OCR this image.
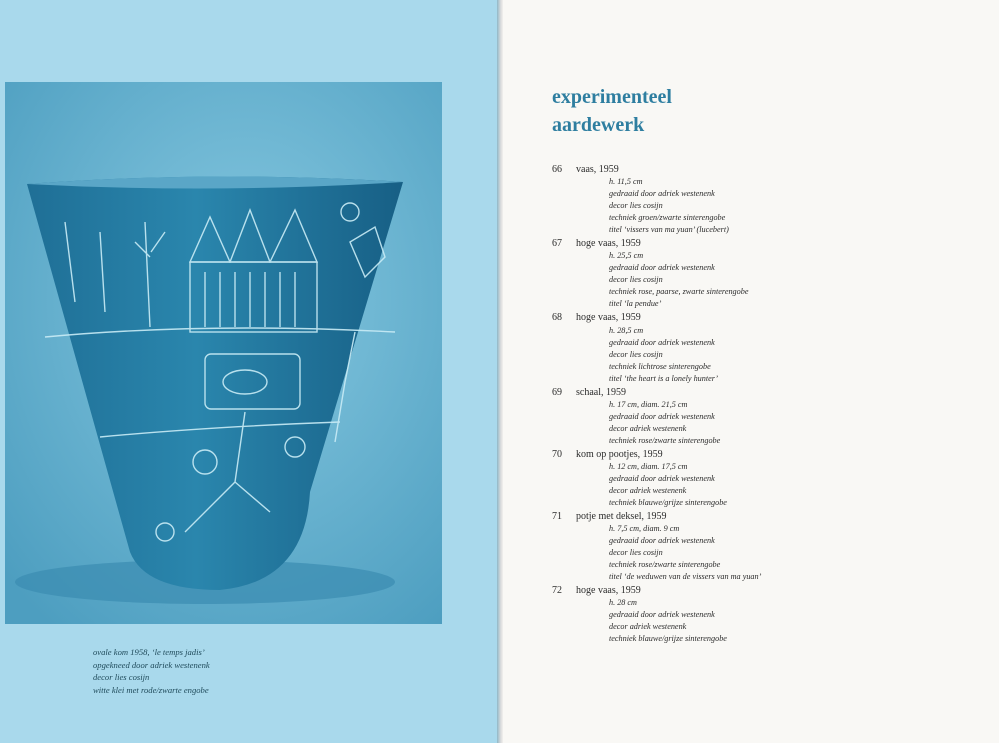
ovale kom 1958, ‘le temps jadis’
opgekneed door adriek westenenk
decor lies cosijn
witte klei met rode/zwarte engobe
experimenteel
aardewerk
66	vaas, 1959
h. 11,5 cm
gedraaid door adriek westenenk
decor lies cosijn
techniek groen/zwarte sinterengobe
titel ‘vissers van ma yuan’ (lucebert)
67	hoge vaas, 1959
h. 25,5 cm
gedraaid door adriek westenenk
decor lies cosijn
techniek rose, paarse, zwarte sinterengobe
titel ‘la pendue’
68	hoge vaas, 1959
h. 28,5 cm
gedraaid door adriek westenenk
decor lies cosijn
techniek lichtrose sinterengobe
titel ‘the heart is a lonely hunter’
69	schaal, 1959
h. 17 cm, diam. 21,5 cm
gedraaid door adriek westenenk
decor adriek westenenk
techniek rose/zwarte sinterengobe
70	kom op pootjes, 1959
h. 12 cm, diam. 17,5 cm
gedraaid door adriek westenenk
decor adriek westenenk
techniek blauwe/grijze sinterengobe
71	potje met deksel, 1959
h. 7,5 cm, diam. 9 cm
gedraaid door adriek westenenk
decor lies cosijn
techniek rose/zwarte sinterengobe
titel ‘de weduwen van de vissers van ma yuan’
72	hoge vaas, 1959
h. 28 cm
gedraaid door adriek westenenk
decor adriek westenenk
techniek blauwe/grijze sinterengobe
